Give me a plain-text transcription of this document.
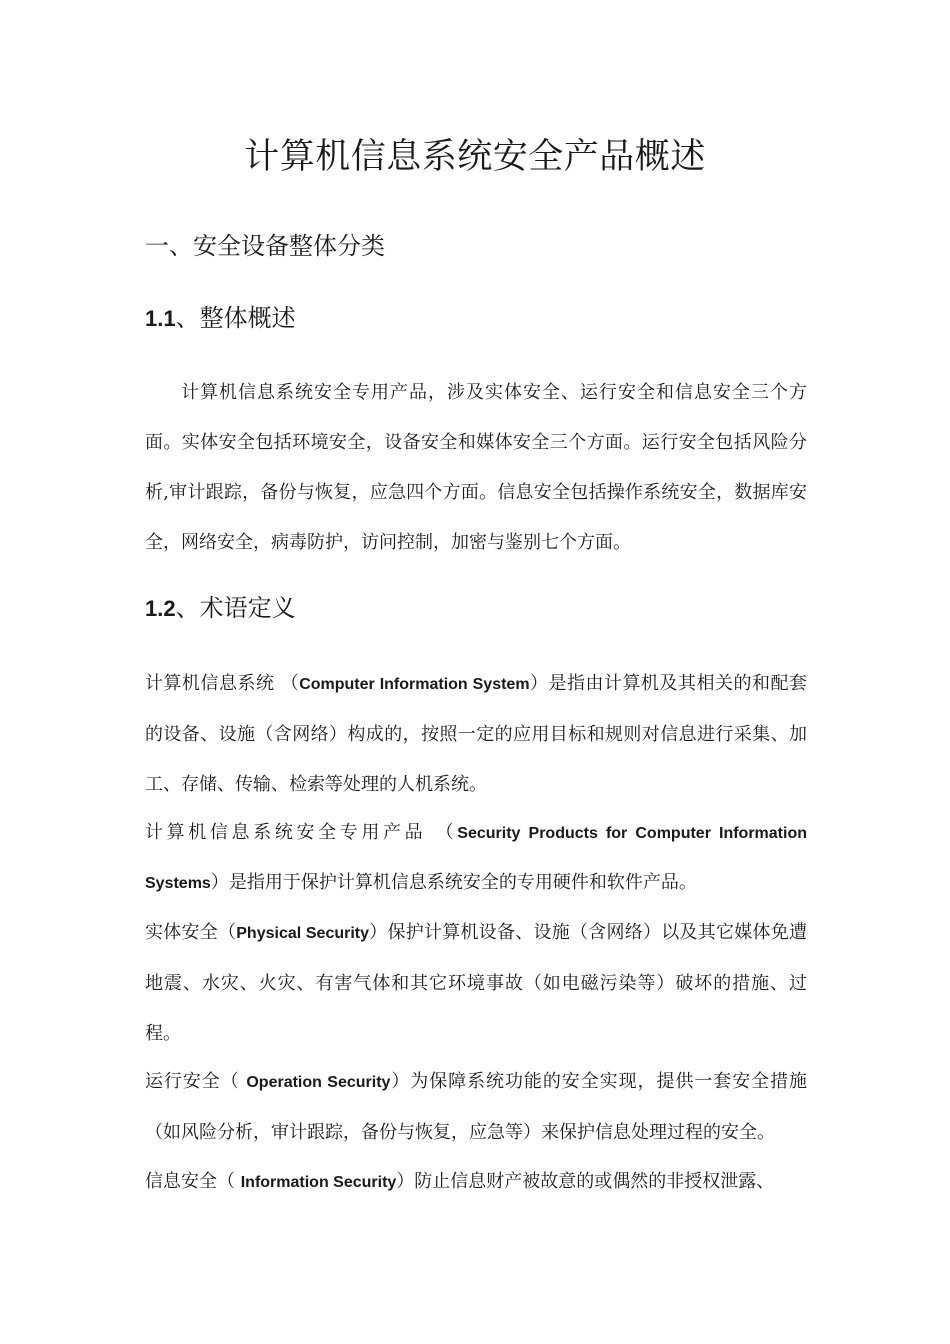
计算机信息系统安全产品概述
一、安全设备整体分类
1.1、整体概述

计算机信息系统安全专用产品，涉及实体安全、运行安全和信息安全三个方面。实体安全包括环境安全，设备安全和媒体安全三个方面。运行安全包括风险分析,审计跟踪，备份与恢复，应急四个方面。信息安全包括操作系统安全，数据库安全，网络安全，病毒防护，访问控制，加密与鉴别七个方面。

1.2、术语定义

计算机信息系统 （Computer Information System）是指由计算机及其相关的和配套的设备、设施（含网络）构成的，按照一定的应用目标和规则对信息进行采集、加工、存储、传输、检索等处理的人机系统。

计算机信息系统安全专用产品 （Security Products for Computer Information

Systems）是指用于保护计算机信息系统安全的专用硬件和软件产品。

实体安全（Physical Security）保护计算机设备、设施（含网络）以及其它媒体免遭地震、水灾、火灾、有害气体和其它环境事故（如电磁污染等）破坏的措施、过程。

运行安全（ Operation Security）为保障系统功能的安全实现，提供一套安全措施（如风险分析，审计跟踪，备份与恢复，应急等）来保护信息处理过程的安全。

信息安全（ Information Security）防止信息财产被故意的或偶然的非授权泄露、
